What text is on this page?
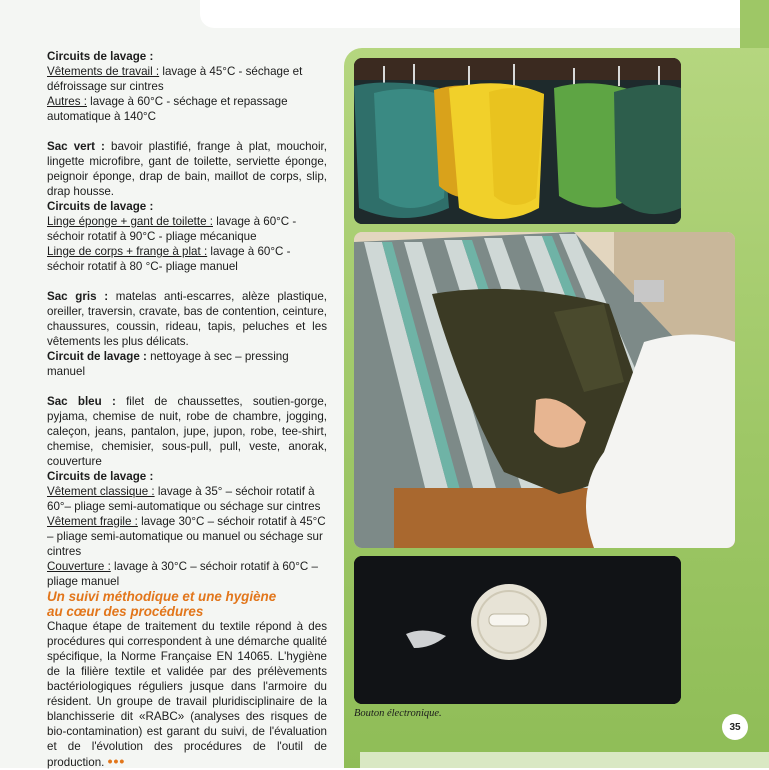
Circuits de lavage :

Vêtements de travail : lavage à 45°C - séchage et défroissage sur cintres

Autres : lavage à 60°C - séchage et repassage automatique à 140°C

Sac vert : bavoir plastifié, frange à plat, mouchoir, lingette microfibre, gant de toilette, serviette éponge, peignoir éponge, drap de bain, maillot de corps, slip, drap housse.

Circuits de lavage :

Linge éponge + gant de toilette : lavage à 60°C - séchoir rotatif à 90°C - pliage mécanique

Linge de corps + frange à plat : lavage à 60°C - séchoir rotatif à 80 °C- pliage manuel

Sac gris : matelas anti-escarres, alèze plastique, oreiller, traversin, cravate, bas de contention, ceinture, chaussures, coussin, rideau, tapis, peluches et les vêtements les plus délicats.

Circuit de lavage : nettoyage à sec – pressing manuel

Sac bleu : filet de chaussettes, soutien-gorge, pyjama, chemise de nuit, robe de chambre, jogging, caleçon, jeans, pantalon, jupe, jupon, robe, tee-shirt, chemise, chemisier, sous-pull, pull, veste, anorak, couverture

Circuits de lavage :

Vêtement classique : lavage à 35° – séchoir rotatif à 60°– pliage semi-automatique ou séchage sur cintres

Vêtement fragile : lavage 30°C – séchoir rotatif à 45°C – pliage semi-automatique ou manuel ou séchage sur cintres

Couverture : lavage à 30°C – séchoir rotatif à 60°C – pliage manuel

Un suivi méthodique et une hygiène
au cœur des procédures

Chaque étape de traitement du textile répond à des procédures qui correspondent à une démarche qualité spécifique, la Norme Française EN 14065. L'hygiène de la filière textile et validée par des prélèvements bactériologiques réguliers jusque dans l'armoire du résident. Un groupe de travail pluridisciplinaire de la blanchisserie dit «RABC» (analyses des risques de bio-contamination) est garant du suivi, de l'évaluation et de l'évolution des procédures de l'outil de production. •••

Bouton électronique.
35
